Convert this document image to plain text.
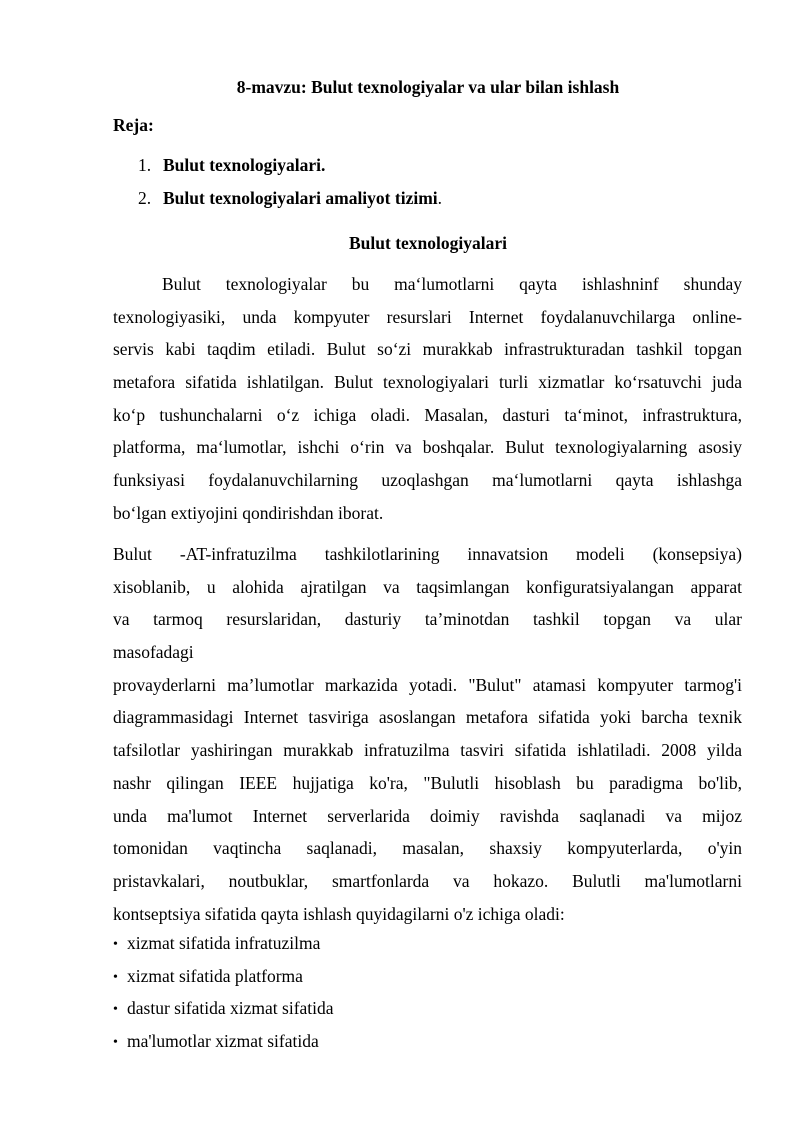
8-mavzu: Bulut texnologiyalar va ular bilan ishlash
Reja:
1. Bulut texnologiyalari.
2. Bulut texnologiyalari amaliyot tizimi.
Bulut texnologiyalari
Bulut texnologiyalar bu ma‘lumotlarni qayta ishlashninf shunday
texnologiyasiki, unda kompyuter resurslari Internet foydalanuvchilarga online-
servis kabi taqdim etiladi. Bulut so‘zi murakkab infrastrukturadan tashkil topgan
metafora sifatida ishlatilgan. Bulut texnologiyalari turli xizmatlar ko‘rsatuvchi juda
ko‘p tushunchalarni o‘z ichiga oladi. Masalan, dasturi ta‘minot, infrastruktura,
platforma, ma‘lumotlar, ishchi o‘rin va boshqalar. Bulut texnologiyalarning asosiy
funksiyasi foydalanuvchilarning uzoqlashgan ma‘lumotlarni qayta ishlashga
bo‘lgan extiyojini qondirishdan iborat.
Bulut -AT-infratuzilma tashkilotlarining innavatsion modeli (konsepsiya)
xisoblanib, u alohida ajratilgan va taqsimlangan konfiguratsiyalangan apparat
va tarmoq resurslaridan, dasturiy ta’minotdan tashkil topgan va ular
masofadagi
provayderlarni ma’lumotlar markazida yotadi. "Bulut" atamasi kompyuter tarmog'i
diagrammasidagi Internet tasviriga asoslangan metafora sifatida yoki barcha texnik
tafsilotlar yashiringan murakkab infratuzilma tasviri sifatida ishlatiladi. 2008 yilda
nashr qilingan IEEE hujjatiga ko'ra, "Bulutli hisoblash bu paradigma bo'lib,
unda ma'lumot Internet serverlarida doimiy ravishda saqlanadi va mijoz
tomonidan vaqtincha saqlanadi, masalan, shaxsiy kompyuterlarda, o'yin
pristavkalari, noutbuklar, smartfonlarda va hokazo. Bulutli ma'lumotlarni
kontseptsiya sifatida qayta ishlash quyidagilarni o'z ichiga oladi:
• xizmat sifatida infratuzilma
• xizmat sifatida platforma
• dastur sifatida xizmat sifatida
• ma'lumotlar xizmat sifatida
